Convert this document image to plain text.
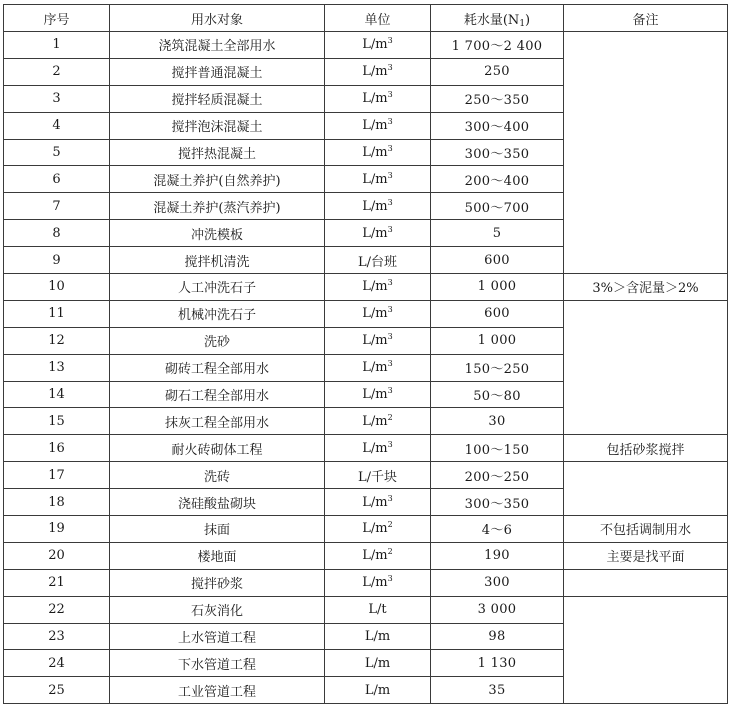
序号	用水对象	单位	耗水量$(N_1)$	备注
1	浇筑混凝土全部用水	$L/m^3$	1 700～2 400	
2	搅拌普通混凝土	$L/m^3$	250	
3	搅拌轻质混凝土	$L/m^3$	250～350	
4	搅拌泡沫混凝土	$L/m^3$	300～400	
5	搅拌热混凝土	$L/m^3$	300～350	
6	混凝土养护(自然养护)	$L/m^3$	200～400	
7	混凝土养护(蒸汽养护)	$L/m^3$	500～700	
8	冲洗模板	$L/m^3$	5	
9	搅拌机清洗	L/台班	600	
10	人工冲洗石子	$L/m^3$	1 000	3%＞含泥量＞2%
11	机械冲洗石子	$L/m^3$	600	
12	洗砂	$L/m^3$	1 000	
13	砌砖工程全部用水	$L/m^3$	150～250	
14	砌石工程全部用水	$L/m^3$	50～80	
15	抹灰工程全部用水	$L/m^2$	30	
16	耐火砖砌体工程	$L/m^3$	100～150	包括砂浆搅拌
17	洗砖	L/千块	200～250	
18	浇硅酸盐砌块	$L/m^3$	300～350	
19	抹面	$L/m^2$	4～6	不包括调制用水
20	楼地面	$L/m^2$	190	主要是找平面
21	搅拌砂浆	$L/m^3$	300	
22	石灰消化	L/t	3 000	
23	上水管道工程	L/m	98	
24	下水管道工程	L/m	1 130	
25	工业管道工程	L/m	35	
